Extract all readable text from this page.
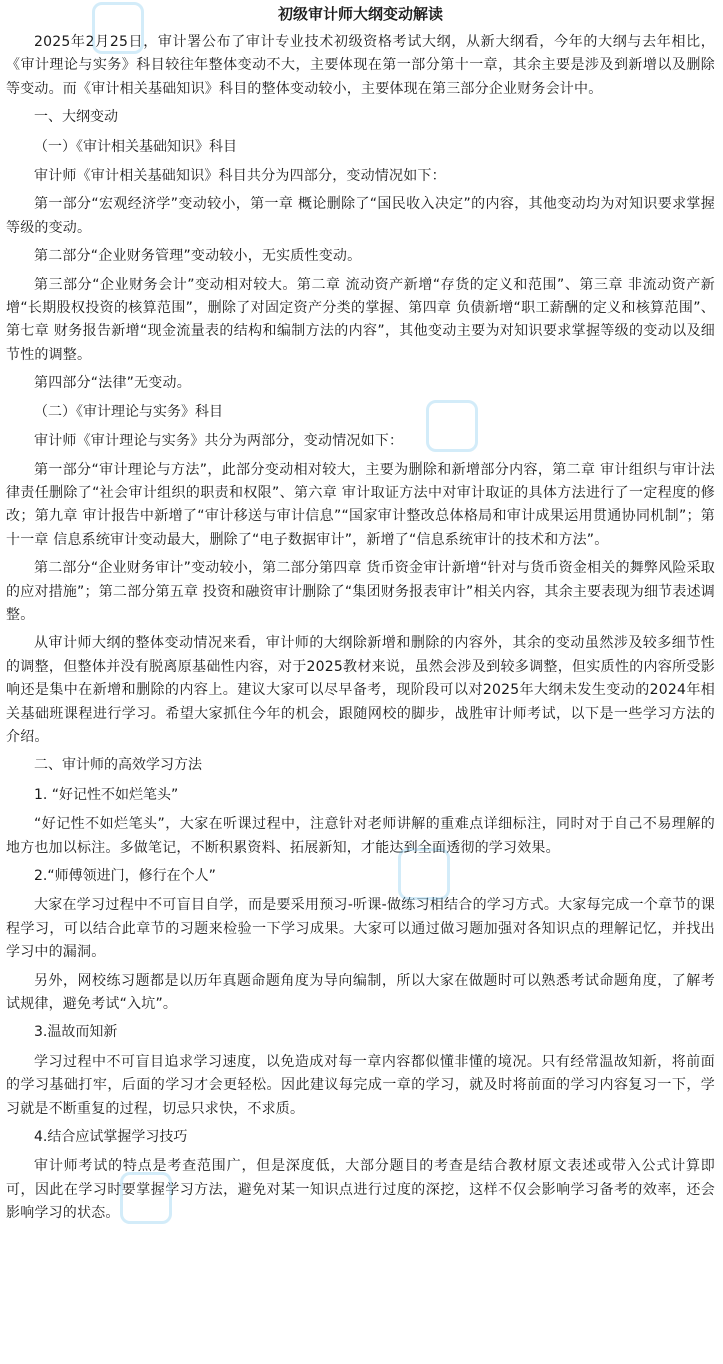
初级审计师大纲变动解读

2025年2月25日，审计署公布了审计专业技术初级资格考试大纲，从新大纲看，今年的大纲与去年相比，《审计理论与实务》科目较往年整体变动不大，主要体现在第一部分第十一章，其余主要是涉及到新增以及删除等变动。而《审计相关基础知识》科目的整体变动较小，主要体现在第三部分企业财务会计中。

一、大纲变动

（一）《审计相关基础知识》科目

审计师《审计相关基础知识》科目共分为四部分，变动情况如下：

第一部分“宏观经济学”变动较小，第一章 概论删除了“国民收入决定”的内容，其他变动均为对知识要求掌握等级的变动。

第二部分“企业财务管理”变动较小，无实质性变动。

第三部分“企业财务会计”变动相对较大。第二章 流动资产新增“存货的定义和范围”、第三章 非流动资产新增“长期股权投资的核算范围”，删除了对固定资产分类的掌握、第四章 负债新增“职工薪酬的定义和核算范围”、第七章 财务报告新增“现金流量表的结构和编制方法的内容”，其他变动主要为对知识要求掌握等级的变动以及细节性的调整。

第四部分“法律”无变动。

（二）《审计理论与实务》科目

审计师《审计理论与实务》共分为两部分，变动情况如下：

第一部分“审计理论与方法”，此部分变动相对较大，主要为删除和新增部分内容，第二章 审计组织与审计法律责任删除了“社会审计组织的职责和权限”、第六章 审计取证方法中对审计取证的具体方法进行了一定程度的修改；第九章 审计报告中新增了“审计移送与审计信息”“国家审计整改总体格局和审计成果运用贯通协同机制”；第十一章 信息系统审计变动最大，删除了“电子数据审计”，新增了“信息系统审计的技术和方法”。

第二部分“企业财务审计”变动较小，第二部分第四章 货币资金审计新增“针对与货币资金相关的舞弊风险采取的应对措施”；第二部分第五章 投资和融资审计删除了“集团财务报表审计”相关内容，其余主要表现为细节表述调整。

从审计师大纲的整体变动情况来看，审计师的大纲除新增和删除的内容外，其余的变动虽然涉及较多细节性的调整，但整体并没有脱离原基础性内容，对于2025教材来说，虽然会涉及到较多调整，但实质性的内容所受影响还是集中在新增和删除的内容上。建议大家可以尽早备考，现阶段可以对2025年大纲未发生变动的2024年相关基础班课程进行学习。希望大家抓住今年的机会，跟随网校的脚步，战胜审计师考试，以下是一些学习方法的介绍。

二、审计师的高效学习方法

1. “好记性不如烂笔头”

“好记性不如烂笔头”，大家在听课过程中，注意针对老师讲解的重难点详细标注，同时对于自己不易理解的地方也加以标注。多做笔记，不断积累资料、拓展新知，才能达到全面透彻的学习效果。

2.“师傅领进门，修行在个人”

大家在学习过程中不可盲目自学，而是要采用预习-听课-做练习相结合的学习方式。大家每完成一个章节的课程学习，可以结合此章节的习题来检验一下学习成果。大家可以通过做习题加强对各知识点的理解记忆，并找出学习中的漏洞。

另外，网校练习题都是以历年真题命题角度为导向编制，所以大家在做题时可以熟悉考试命题角度，了解考试规律，避免考试“入坑”。

3.温故而知新

学习过程中不可盲目追求学习速度，以免造成对每一章内容都似懂非懂的境况。只有经常温故知新，将前面的学习基础打牢，后面的学习才会更轻松。因此建议每完成一章的学习，就及时将前面的学习内容复习一下，学习就是不断重复的过程，切忌只求快，不求质。

4.结合应试掌握学习技巧

审计师考试的特点是考查范围广，但是深度低，大部分题目的考查是结合教材原文表述或带入公式计算即可，因此在学习时要掌握学习方法，避免对某一知识点进行过度的深挖，这样不仅会影响学习备考的效率，还会影响学习的状态。
